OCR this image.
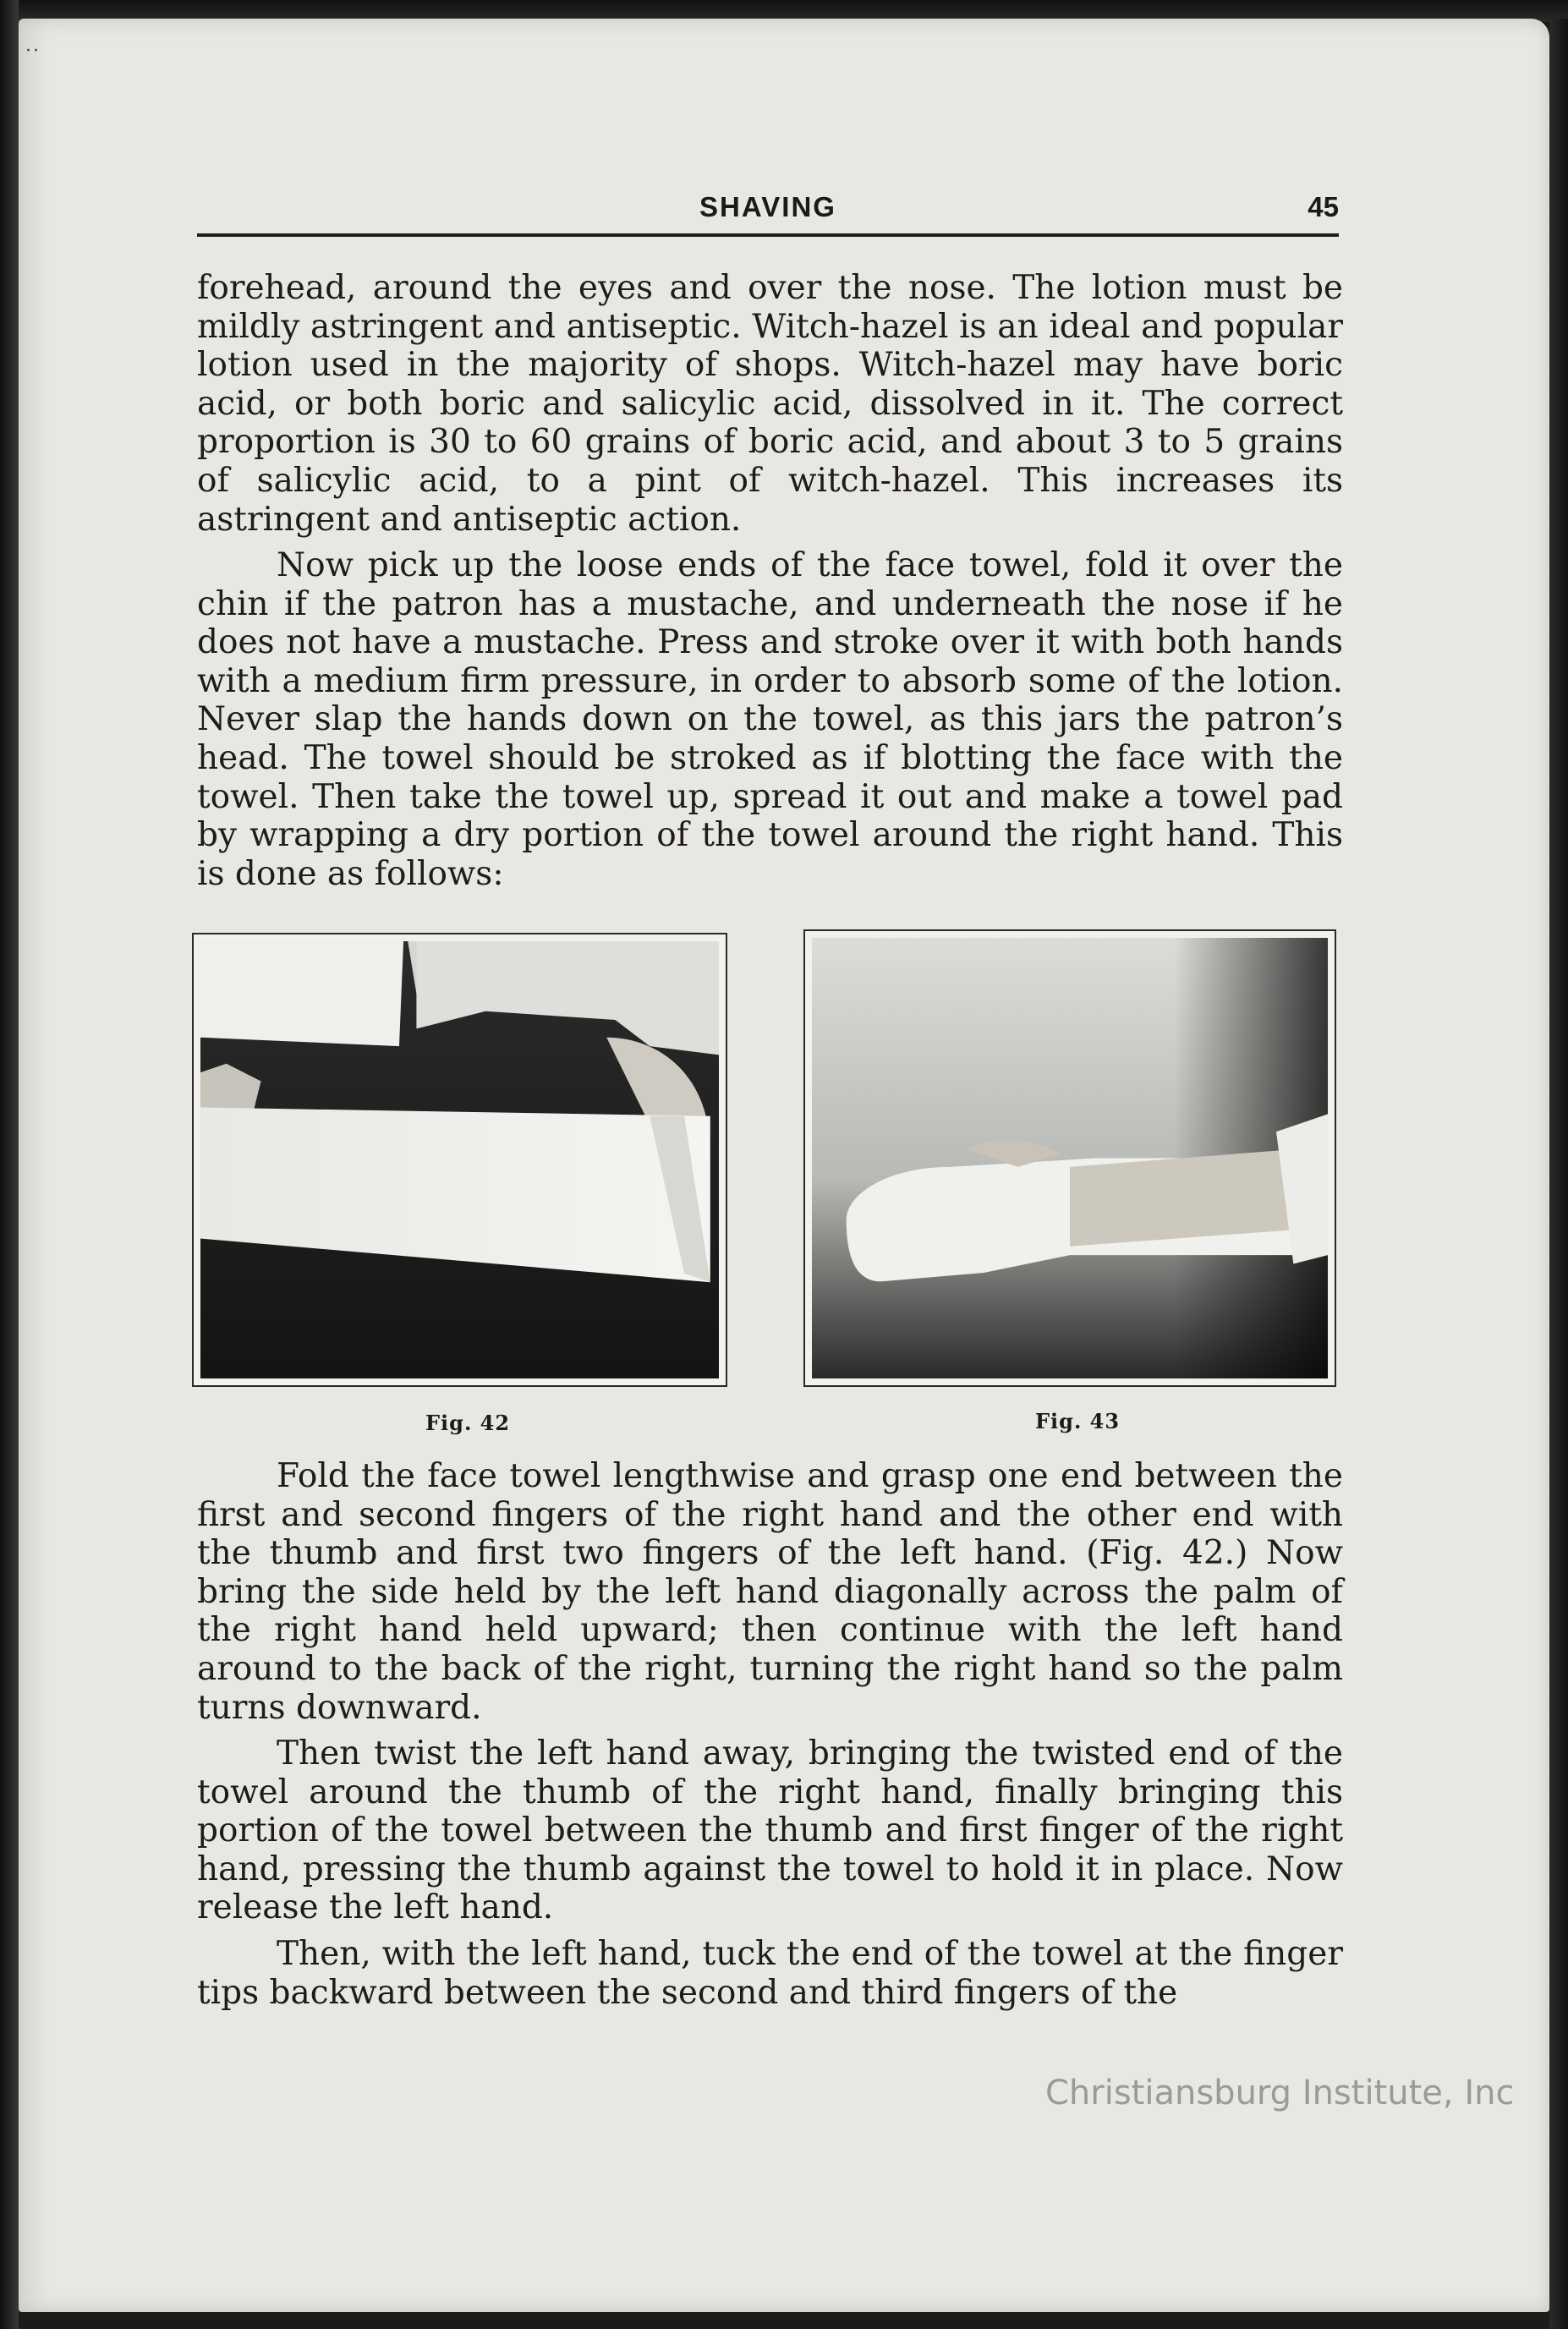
··
SHAVING	45

forehead, around the eyes and over the nose. The lotion must be mildly astringent and antiseptic. Witch-hazel is an ideal and popular lotion used in the majority of shops. Witch-hazel may have boric acid, or both boric and salicylic acid, dissolved in it. The correct proportion is 30 to 60 grains of boric acid, and about 3 to 5 grains of salicylic acid, to a pint of witch-hazel. This increases its astringent and antiseptic action.

Now pick up the loose ends of the face towel, fold it over the chin if the patron has a mustache, and underneath the nose if he does not have a mustache. Press and stroke over it with both hands with a medium firm pressure, in order to absorb some of the lotion. Never slap the hands down on the towel, as this jars the patron’s head. The towel should be stroked as if blotting the face with the towel. Then take the towel up, spread it out and make a towel pad by wrapping a dry portion of the towel around the right hand. This is done as follows:

Fig. 42	Fig. 43

Fold the face towel lengthwise and grasp one end between the first and second fingers of the right hand and the other end with the thumb and first two fingers of the left hand. (Fig. 42.) Now bring the side held by the left hand diagonally across the palm of the right hand held upward; then continue with the left hand around to the back of the right, turning the right hand so the palm turns downward.

Then twist the left hand away, bringing the twisted end of the towel around the thumb of the right hand, finally bringing this portion of the towel between the thumb and first finger of the right hand, pressing the thumb against the towel to hold it in place. Now release the left hand.

Then, with the left hand, tuck the end of the towel at the finger tips backward between the second and third fingers of the

Christiansburg Institute, Inc
